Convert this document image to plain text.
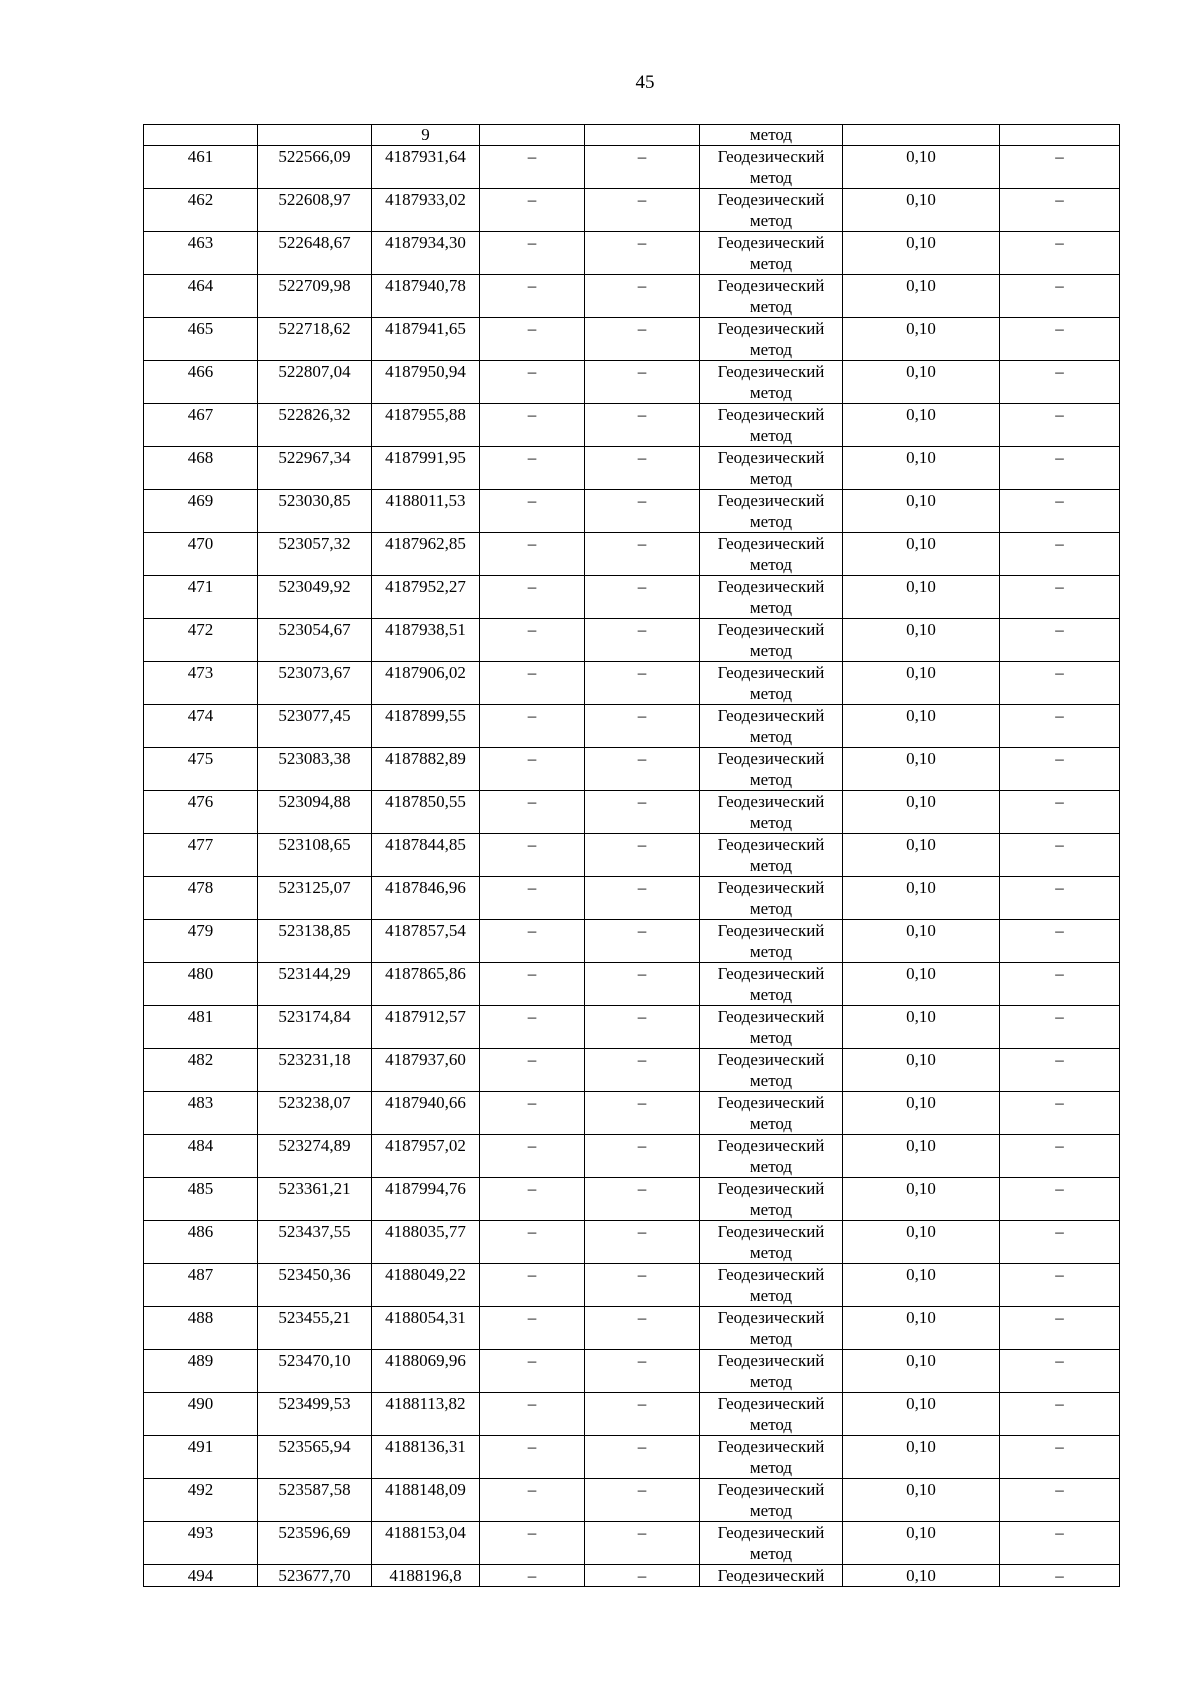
45
		9			метод		
461	522566,09	4187931,64	–	–	Геодезический метод	0,10	–
462	522608,97	4187933,02	–	–	Геодезический метод	0,10	–
463	522648,67	4187934,30	–	–	Геодезический метод	0,10	–
464	522709,98	4187940,78	–	–	Геодезический метод	0,10	–
465	522718,62	4187941,65	–	–	Геодезический метод	0,10	–
466	522807,04	4187950,94	–	–	Геодезический метод	0,10	–
467	522826,32	4187955,88	–	–	Геодезический метод	0,10	–
468	522967,34	4187991,95	–	–	Геодезический метод	0,10	–
469	523030,85	4188011,53	–	–	Геодезический метод	0,10	–
470	523057,32	4187962,85	–	–	Геодезический метод	0,10	–
471	523049,92	4187952,27	–	–	Геодезический метод	0,10	–
472	523054,67	4187938,51	–	–	Геодезический метод	0,10	–
473	523073,67	4187906,02	–	–	Геодезический метод	0,10	–
474	523077,45	4187899,55	–	–	Геодезический метод	0,10	–
475	523083,38	4187882,89	–	–	Геодезический метод	0,10	–
476	523094,88	4187850,55	–	–	Геодезический метод	0,10	–
477	523108,65	4187844,85	–	–	Геодезический метод	0,10	–
478	523125,07	4187846,96	–	–	Геодезический метод	0,10	–
479	523138,85	4187857,54	–	–	Геодезический метод	0,10	–
480	523144,29	4187865,86	–	–	Геодезический метод	0,10	–
481	523174,84	4187912,57	–	–	Геодезический метод	0,10	–
482	523231,18	4187937,60	–	–	Геодезический метод	0,10	–
483	523238,07	4187940,66	–	–	Геодезический метод	0,10	–
484	523274,89	4187957,02	–	–	Геодезический метод	0,10	–
485	523361,21	4187994,76	–	–	Геодезический метод	0,10	–
486	523437,55	4188035,77	–	–	Геодезический метод	0,10	–
487	523450,36	4188049,22	–	–	Геодезический метод	0,10	–
488	523455,21	4188054,31	–	–	Геодезический метод	0,10	–
489	523470,10	4188069,96	–	–	Геодезический метод	0,10	–
490	523499,53	4188113,82	–	–	Геодезический метод	0,10	–
491	523565,94	4188136,31	–	–	Геодезический метод	0,10	–
492	523587,58	4188148,09	–	–	Геодезический метод	0,10	–
493	523596,69	4188153,04	–	–	Геодезический метод	0,10	–
494	523677,70	4188196,8	–	–	Геодезический	0,10	–
